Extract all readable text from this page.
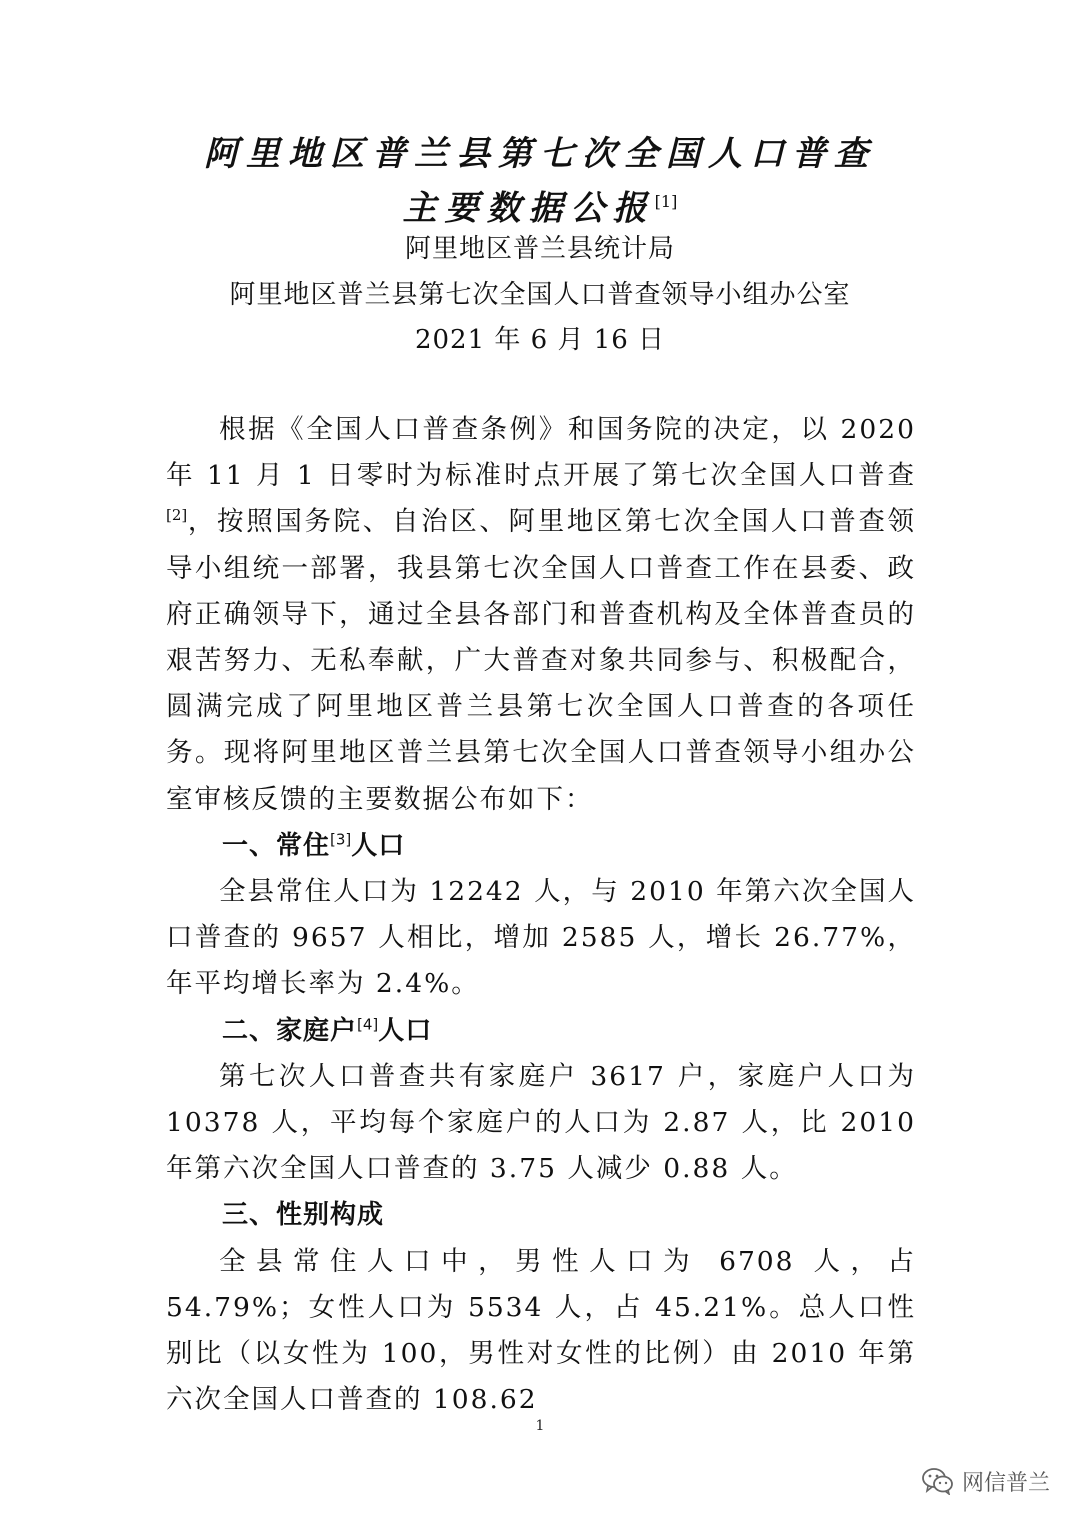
阿里地区普兰县第七次全国人口普查
主要数据公报[1]
阿里地区普兰县统计局
阿里地区普兰县第七次全国人口普查领导小组办公室
2021 年 6 月 16 日

根据《全国人口普查条例》和国务院的决定，以 2020 年 11 月 1 日零时为标准时点开展了第七次全国人口普查[2]，按照国务院、自治区、阿里地区第七次全国人口普查领导小组统一部署，我县第七次全国人口普查工作在县委、政府正确领导下，通过全县各部门和普查机构及全体普查员的艰苦努力、无私奉献，广大普查对象共同参与、积极配合，圆满完成了阿里地区普兰县第七次全国人口普查的各项任务。现将阿里地区普兰县第七次全国人口普查领导小组办公室审核反馈的主要数据公布如下：

一、常住[3]人口

全县常住人口为 12242 人，与 2010 年第六次全国人口普查的 9657 人相比，增加 2585 人，增长 26.77%，年平均增长率为 2.4%。

二、家庭户[4]人口

第七次人口普查共有家庭户 3617 户，家庭户人口为 10378 人，平均每个家庭户的人口为 2.87 人，比 2010 年第六次全国人口普查的 3.75 人减少 0.88 人。

三、性别构成

全县常住人口中，男性人口为 6708 人，占 54.79%；女性人口为 5534 人，占 45.21%。总人口性别比（以女性为 100，男性对女性的比例）由 2010 年第六次全国人口普查的 108.62

1
网信普兰
